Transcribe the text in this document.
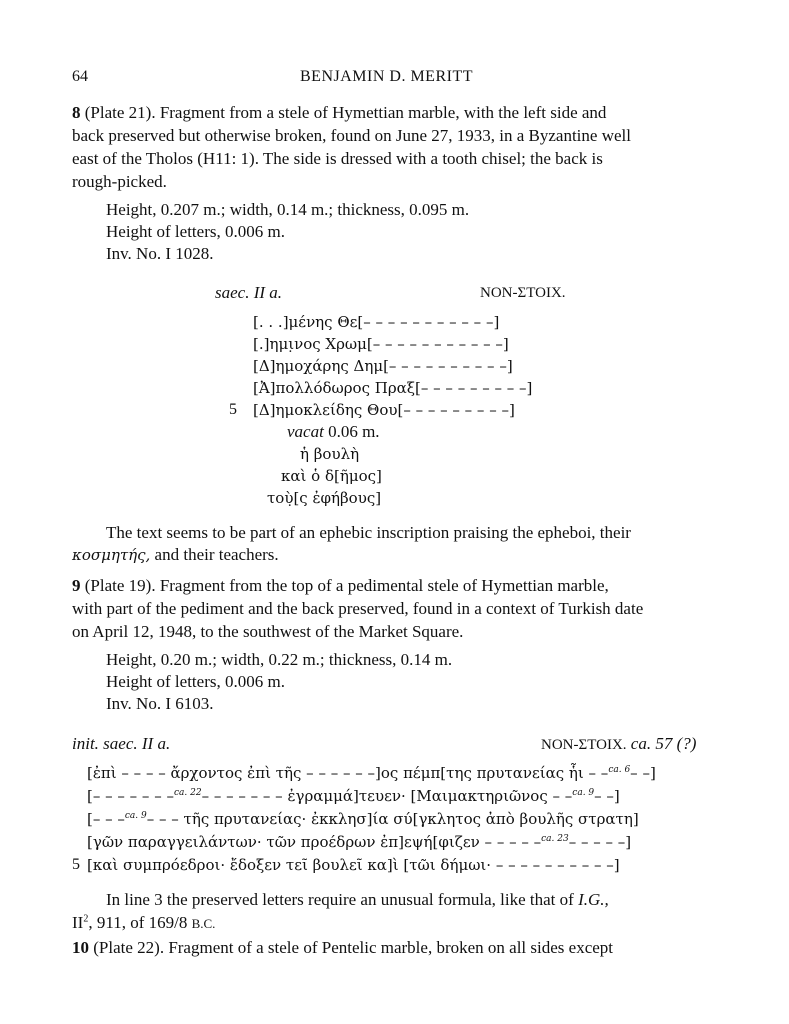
64	BENJAMIN D. MERITT
8 (Plate 21). Fragment from a stele of Hymettian marble, with the left side and
back preserved but otherwise broken, found on June 27, 1933, in a Byzantine well
east of the Tholos (H11: 1). The side is dressed with a tooth chisel; the back is
rough-picked.
Height, 0.207 m.; width, 0.14 m.; thickness, 0.095 m.
Height of letters, 0.006 m.
Inv. No. I 1028.
saec. II a.	NON-ΣΤΟΙΧ.
[. . .]μένης Θε[– – – – – – – – – – –]
[.]ημι̣νος Χρωμ[– – – – – – – – – – –]
[Δ]ημοχάρης Δημ[– – – – – – – – – –]
[Ἀ]πολλόδωρος Πραξ[– – – – – – – – –]
5 [Δ]ημοκλείδης Θου[– – – – – – – – –]
vacat 0.06 m.
ἡ βουλὴ
καὶ ὁ δ[ῆμος]
τοὺ̣[ς ἐφήβους]
The text seems to be part of an ephebic inscription praising the epheboi, their
κοσμητής, and their teachers.
9 (Plate 19). Fragment from the top of a pedimental stele of Hymettian marble,
with part of the pediment and the back preserved, found in a context of Turkish date
on April 12, 1948, to the southwest of the Market Square.
Height, 0.20 m.; width, 0.22 m.; thickness, 0.14 m.
Height of letters, 0.006 m.
Inv. No. I 6103.
init. saec. II a.	NON-ΣΤΟΙΧ. ca. 57 (?)
[ἐπὶ – – – – ἄρχοντος ἐπὶ τῆς – – – – – –]ος πέμπ[της πρυτανείας ἧι – –$^{ca. 6}$– –]
[– – – – – – –$^{ca. 22}$– – – – – – – ἐγραμμά]τευεν· [Μαιμακτηριῶνος – –$^{ca. 9}$– –]
[– – –$^{ca. 9}$– – – τῆς πρυτανείας· ἐκκλησ]ία σύ[γκλητος ἀπὸ βουλῆς στρατη]
[γῶν παραγγειλάντων· τῶν προέδρων ἐπ]εψή[φιζεν – – – – –$^{ca. 23}$– – – – –]
5 [καὶ συμπρόεδροι· ἔδοξεν τεῖ βουλεῖ κα]ὶ [τῶι δήμωι· – – – – – – – – – –]
In line 3 the preserved letters require an unusual formula, like that of I.G.,
$II^2$, 911, of 169/8 B.C.
10 (Plate 22). Fragment of a stele of Pentelic marble, broken on all sides except
